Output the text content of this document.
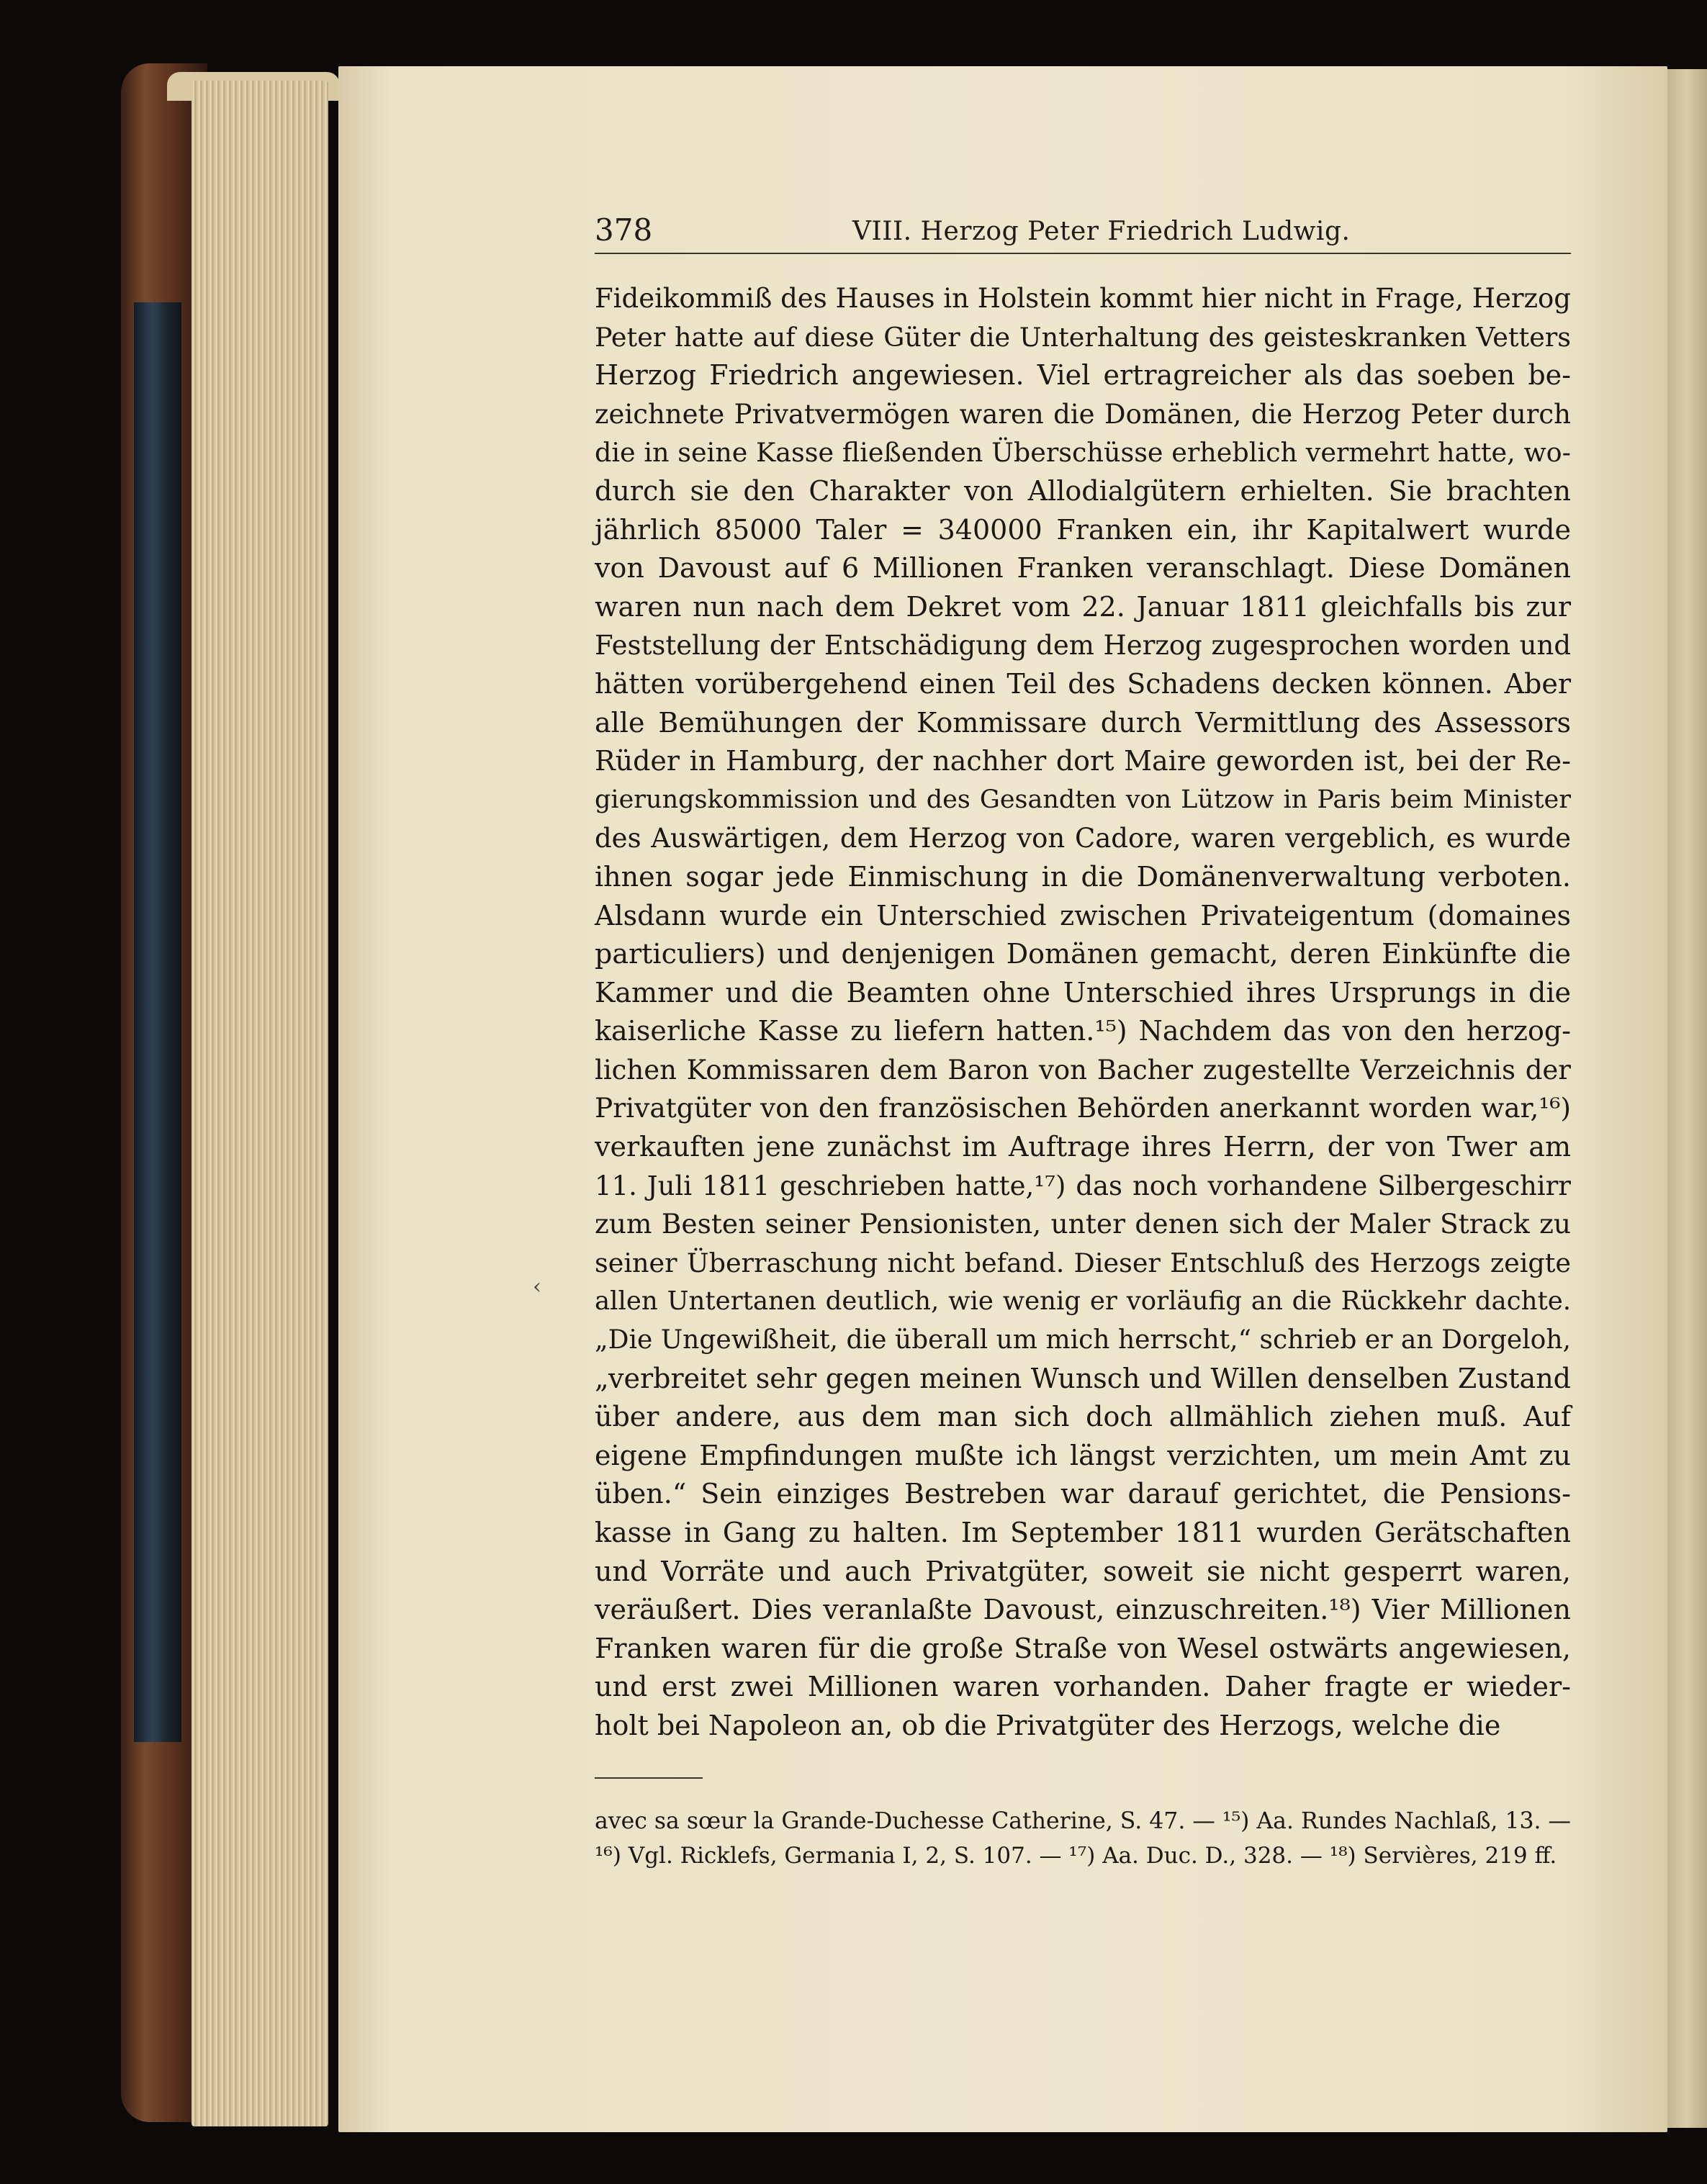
378	VIII. Herzog Peter Friedrich Ludwig.
Fideikommiß des Hauses in Holstein kommt hier nicht in Frage, Herzog
Peter hatte auf diese Güter die Unterhaltung des geisteskranken Vetters
Herzog Friedrich angewiesen. Viel ertragreicher als das soeben be-
zeichnete Privatvermögen waren die Domänen, die Herzog Peter durch
die in seine Kasse fließenden Überschüsse erheblich vermehrt hatte, wo-
durch sie den Charakter von Allodialgütern erhielten. Sie brachten
jährlich 85000 Taler = 340000 Franken ein, ihr Kapitalwert wurde
von Davoust auf 6 Millionen Franken veranschlagt. Diese Domänen
waren nun nach dem Dekret vom 22. Januar 1811 gleichfalls bis zur
Feststellung der Entschädigung dem Herzog zugesprochen worden und
hätten vorübergehend einen Teil des Schadens decken können. Aber
alle Bemühungen der Kommissare durch Vermittlung des Assessors
Rüder in Hamburg, der nachher dort Maire geworden ist, bei der Re-
gierungskommission und des Gesandten von Lützow in Paris beim Minister
des Auswärtigen, dem Herzog von Cadore, waren vergeblich, es wurde
ihnen sogar jede Einmischung in die Domänenverwaltung verboten.
Alsdann wurde ein Unterschied zwischen Privateigentum (domaines
particuliers) und denjenigen Domänen gemacht, deren Einkünfte die
Kammer und die Beamten ohne Unterschied ihres Ursprungs in die
kaiserliche Kasse zu liefern hatten.¹⁵) Nachdem das von den herzog-
lichen Kommissaren dem Baron von Bacher zugestellte Verzeichnis der
Privatgüter von den französischen Behörden anerkannt worden war,¹⁶)
verkauften jene zunächst im Auftrage ihres Herrn, der von Twer am
11. Juli 1811 geschrieben hatte,¹⁷) das noch vorhandene Silbergeschirr
zum Besten seiner Pensionisten, unter denen sich der Maler Strack zu
seiner Überraschung nicht befand. Dieser Entschluß des Herzogs zeigte
allen Untertanen deutlich, wie wenig er vorläufig an die Rückkehr dachte.
„Die Ungewißheit, die überall um mich herrscht,“ schrieb er an Dorgeloh,
„verbreitet sehr gegen meinen Wunsch und Willen denselben Zustand
über andere, aus dem man sich doch allmählich ziehen muß. Auf
eigene Empfindungen mußte ich längst verzichten, um mein Amt zu
üben.“ Sein einziges Bestreben war darauf gerichtet, die Pensions-
kasse in Gang zu halten. Im September 1811 wurden Gerätschaften
und Vorräte und auch Privatgüter, soweit sie nicht gesperrt waren,
veräußert. Dies veranlaßte Davoust, einzuschreiten.¹⁸) Vier Millionen
Franken waren für die große Straße von Wesel ostwärts angewiesen,
und erst zwei Millionen waren vorhanden. Daher fragte er wieder-
holt bei Napoleon an, ob die Privatgüter des Herzogs, welche die
avec sa sœur la Grande-Duchesse Catherine, S. 47. — ¹⁵) Aa. Rundes Nachlaß, 13. —
¹⁶) Vgl. Ricklefs, Germania I, 2, S. 107. — ¹⁷) Aa. Duc. D., 328. — ¹⁸) Servières, 219 ff.
‹
